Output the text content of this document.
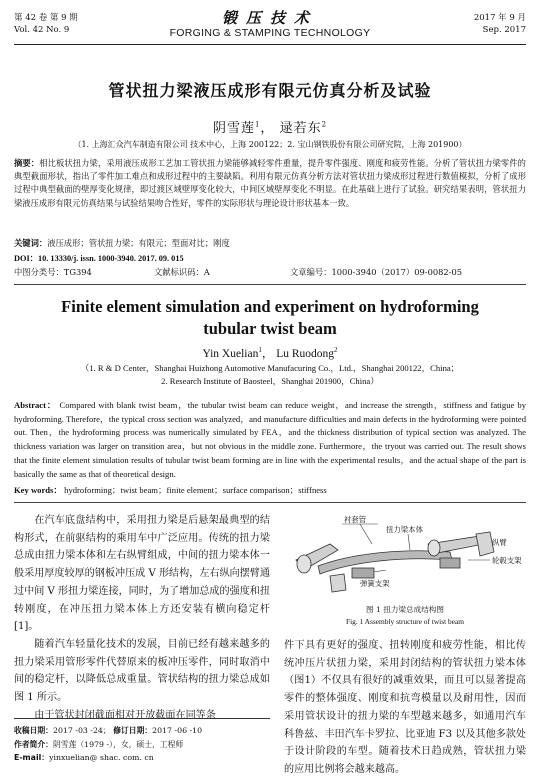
第 42 卷 第 9 期
Vol. 42 No. 9
锻压技术
FORGING & STAMPING TECHNOLOGY
2017 年 9 月
Sep. 2017
管状扭力梁液压成形有限元仿真分析及试验
阴雪莲$^1$， 逯若东$^2$
（1. 上海汇众汽车制造有限公司 技术中心，上海 200122；2. 宝山钢铁股份有限公司研究院，上海 201900）
摘要：相比板状扭力梁，采用液压成形工艺加工管状扭力梁能够减轻零件重量，提升零件强度、刚度和疲劳性能。分析了管状扭力梁零件的典型截面形状，指出了零件加工难点和成形过程中的主要缺陷。利用有限元仿真分析方法对管状扭力梁成形过程进行数值模拟，分析了成形过程中典型截面的壁厚变化规律，即过渡区域壁厚变化较大，中间区域壁厚变化不明显。在此基础上进行了试验。研究结果表明，管状扭力梁液压成形有限元仿真结果与试验结果吻合性好，零件的实际形状与理论设计形状基本一致。
关键词：液压成形；管状扭力梁；有限元；型面对比；刚度
DOI：10. 13330/j. issn. 1000-3940. 2017. 09. 015
中图分类号：TG394	文献标识码：A	文章编号：1000-3940（2017）09-0082-05
Finite element simulation and experiment on hydroforming
tubular twist beam
Yin Xuelian$^1$， Lu Ruodong$^2$
（1. R & D Center，Shanghai Huizhong Automotive Manufacuring Co.，Ltd.，Shanghai 200122，China；
2. Research Institute of Baosteel，Shanghai 201900，China）
Abstract： Compared with blank twist beam，the tubular twist beam can reduce weight，and increase the strength，stiffness and fatigue by hydroforming. Therefore，the typical cross section was analyzed，and manufacture difficulties and main defects in the hydroforming were pointed out. Then，the hydroforming process was numerically simulated by FEA，and the thickness distribution of typical section was analyzed. The thickness variation was larger on transition area，but not obvious in the middle zone. Furthermore，the tryout was carried out. The result shows that the finite element simulation results of tubular twist beam forming are in line with the experimental results，and the actual shape of the part is basically the same as that of theoretical design.
Key words： hydroforming；twist beam；finite element；surface comparison；stiffness

在汽车底盘结构中，采用扭力梁是后悬架最典型的结构形式，在前驱结构的乘用车中广泛应用。传统的扭力梁总成由扭力梁本体和左右纵臂组成，中间的扭力梁本体一般采用厚度较厚的钢板冲压成 V 形结构，左右纵向摆臂通过中间 V 形扭力梁连接，同时，为了增加总成的强度和扭转刚度，在冲压扭力梁本体上方还安装有横向稳定杆[1]。

随着汽车轻量化技术的发展，目前已经有越来越多的扭力梁采用管形零件代替原来的板冲压零件，同时取消中间的稳定杆，以降低总成重量。管状结构的扭力梁总成如图 1 所示。

由于管状封闭截面相对开放截面在同等条

衬套管
扭力梁本体
纵臂
轮毂支架
弹簧支架
图 1 扭力梁总成结构图
Fig. 1 Assembly structure of twist beam

件下具有更好的强度、扭转刚度和疲劳性能，相比传统冲压片状扭力梁，采用封闭结构的管状扭力梁本体（图1）不仅具有很好的减重效果，而且可以显著提高零件的整体强度、刚度和抗弯模量以及耐用性，因而采用管状设计的扭力梁的车型越来越多，如通用汽车科鲁兹、丰田汽车卡罗拉、比亚迪 F3 以及其他多款处于设计阶段的车型。随着技术日趋成熟，管状扭力梁的应用比例将会越来越高。

收稿日期：2017 -03 -24； 修订日期：2017 -06 -10
作者简介：阴雪莲（1979 -），女，硕士，工程师
E-mail：yinxuelian@ shac. com. cn
